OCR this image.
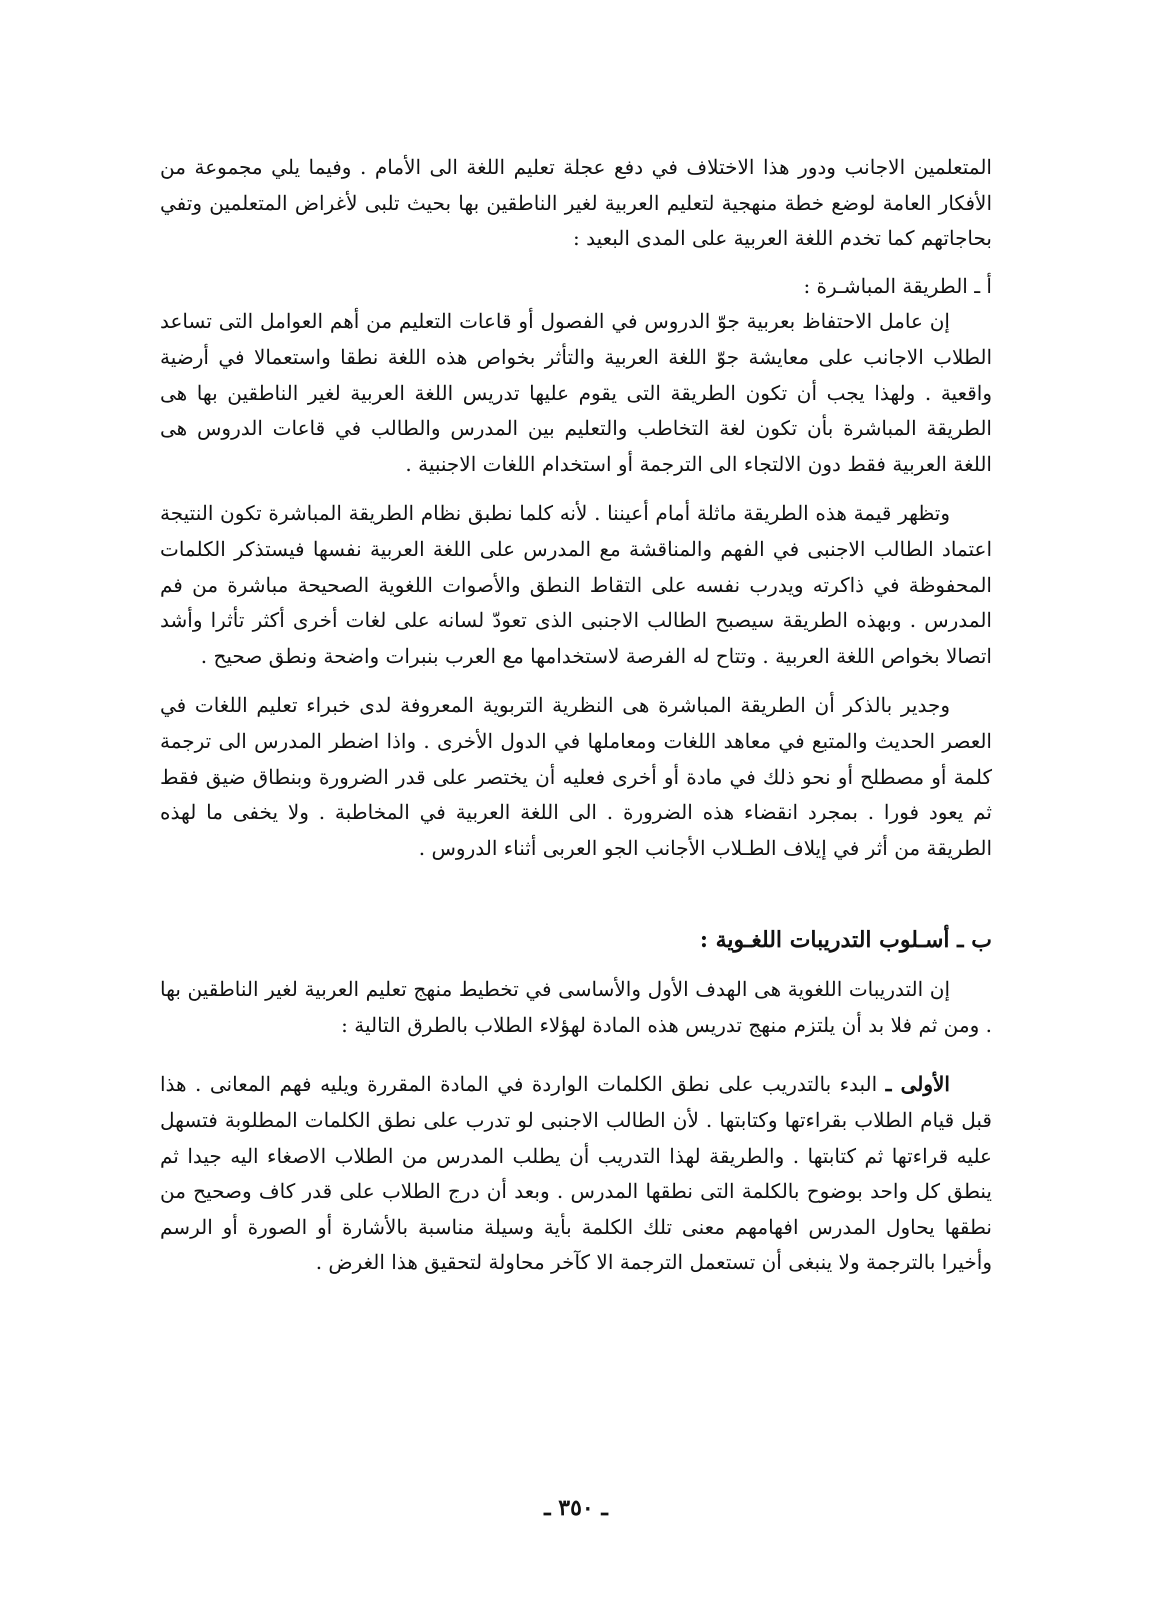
المتعلمين الاجانب ودور هذا الاختلاف في دفع عجلة تعليم اللغة الى الأمام . وفيما يلي مجموعة من الأفكار العامة لوضع خطة منهجية لتعليم العربية لغير الناطقين بها بحيث تلبى لأغراض المتعلمين وتفي بحاجاتهم كما تخدم اللغة العربية على المدى البعيد :

أ ـ الطريقة المباشـرة :

إن عامل الاحتفاظ بعربية جوّ الدروس في الفصول أو قاعات التعليم من أهم العوامل التى تساعد الطلاب الاجانب على معايشة جوّ اللغة العربية والتأثر بخواص هذه اللغة نطقا واستعمالا في أرضية واقعية . ولهذا يجب أن تكون الطريقة التى يقوم عليها تدريس اللغة العربية لغير الناطقين بها هى الطريقة المباشرة بأن تكون لغة التخاطب والتعليم بين المدرس والطالب في قاعات الدروس هى اللغة العربية فقط دون الالتجاء الى الترجمة أو استخدام اللغات الاجنبية .

وتظهر قيمة هذه الطريقة ماثلة أمام أعيننا . لأنه كلما نطبق نظام الطريقة المباشرة تكون النتيجة اعتماد الطالب الاجنبى في الفهم والمناقشة مع المدرس على اللغة العربية نفسها فيستذكر الكلمات المحفوظة في ذاكرته ويدرب نفسه على التقاط النطق والأصوات اللغوية الصحيحة مباشرة من فم المدرس . وبهذه الطريقة سيصبح الطالب الاجنبى الذى تعودّ لسانه على لغات أخرى أكثر تأثرا وأشد اتصالا بخواص اللغة العربية . وتتاح له الفرصة لاستخدامها مع العرب بنبرات واضحة ونطق صحيح .

وجدير بالذكر أن الطريقة المباشرة هى النظرية التربوية المعروفة لدى خبراء تعليم اللغات في العصر الحديث والمتبع في معاهد اللغات ومعاملها في الدول الأخرى . واذا اضطر المدرس الى ترجمة كلمة أو مصطلح أو نحو ذلك في مادة أو أخرى فعليه أن يختصر على قدر الضرورة وبنطاق ضيق فقط ثم يعود فورا . بمجرد انقضاء هذه الضرورة . الى اللغة العربية في المخاطبة . ولا يخفى ما لهذه الطريقة من أثر في إيلاف الطـلاب الأجانب الجو العربى أثناء الدروس .

ب ـ أسـلوب التدريبات اللغـوية :

إن التدريبات اللغوية هى الهدف الأول والأساسى في تخطيط منهج تعليم العربية لغير الناطقين بها . ومن ثم فلا بد أن يلتزم منهج تدريس هذه المادة لهؤلاء الطلاب بالطرق التالية :

الأولى ـ البدء بالتدريب على نطق الكلمات الواردة في المادة المقررة ويليه فهم المعانى . هذا قبل قيام الطلاب بقراءتها وكتابتها . لأن الطالب الاجنبى لو تدرب على نطق الكلمات المطلوبة فتسهل عليه قراءتها ثم كتابتها . والطريقة لهذا التدريب أن يطلب المدرس من الطلاب الاصغاء اليه جيدا ثم ينطق كل واحد بوضوح بالكلمة التى نطقها المدرس . وبعد أن درج الطلاب على قدر كاف وصحيح من نطقها يحاول المدرس افهامهم معنى تلك الكلمة بأية وسيلة مناسبة بالأشارة أو الصورة أو الرسم وأخيرا بالترجمة ولا ينبغى أن تستعمل الترجمة الا كآخر محاولة لتحقيق هذا الغرض .

ـ ٣٥٠ ـ
